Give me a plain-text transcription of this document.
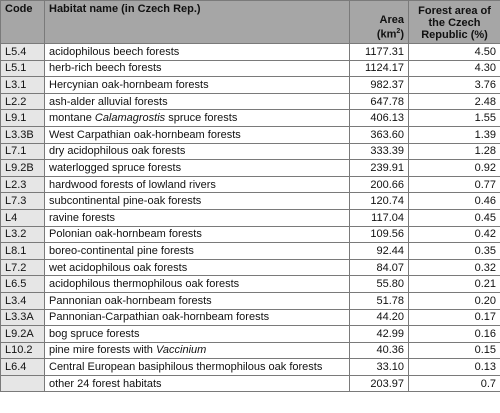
Code	Habitat name (in Czech Rep.)	Area $(km^2)$	Forest area of the Czech Republic (%)
L5.4	acidophilous beech forests	1177.31	4.50
L5.1	herb-rich beech forests	1124.17	4.30
L3.1	Hercynian oak-hornbeam forests	982.37	3.76
L2.2	ash-alder alluvial forests	647.78	2.48
L9.1	montane Calamagrostis spruce forests	406.13	1.55
L3.3B	West Carpathian oak-hornbeam forests	363.60	1.39
L7.1	dry acidophilous oak forests	333.39	1.28
L9.2B	waterlogged spruce forests	239.91	0.92
L2.3	hardwood forests of lowland rivers	200.66	0.77
L7.3	subcontinental pine-oak forests	120.74	0.46
L4	ravine forests	117.04	0.45
L3.2	Polonian oak-hornbeam forests	109.56	0.42
L8.1	boreo-continental pine forests	92.44	0.35
L7.2	wet acidophilous oak forests	84.07	0.32
L6.5	acidophilous thermophilous oak forests	55.80	0.21
L3.4	Pannonian oak-hornbeam forests	51.78	0.20
L3.3A	Pannonian-Carpathian oak-hornbeam forests	44.20	0.17
L9.2A	bog spruce forests	42.99	0.16
L10.2	pine mire forests with Vaccinium	40.36	0.15
L6.4	Central European basiphilous thermophilous oak forests	33.10	0.13
	other 24 forest habitats	203.97	0.7
